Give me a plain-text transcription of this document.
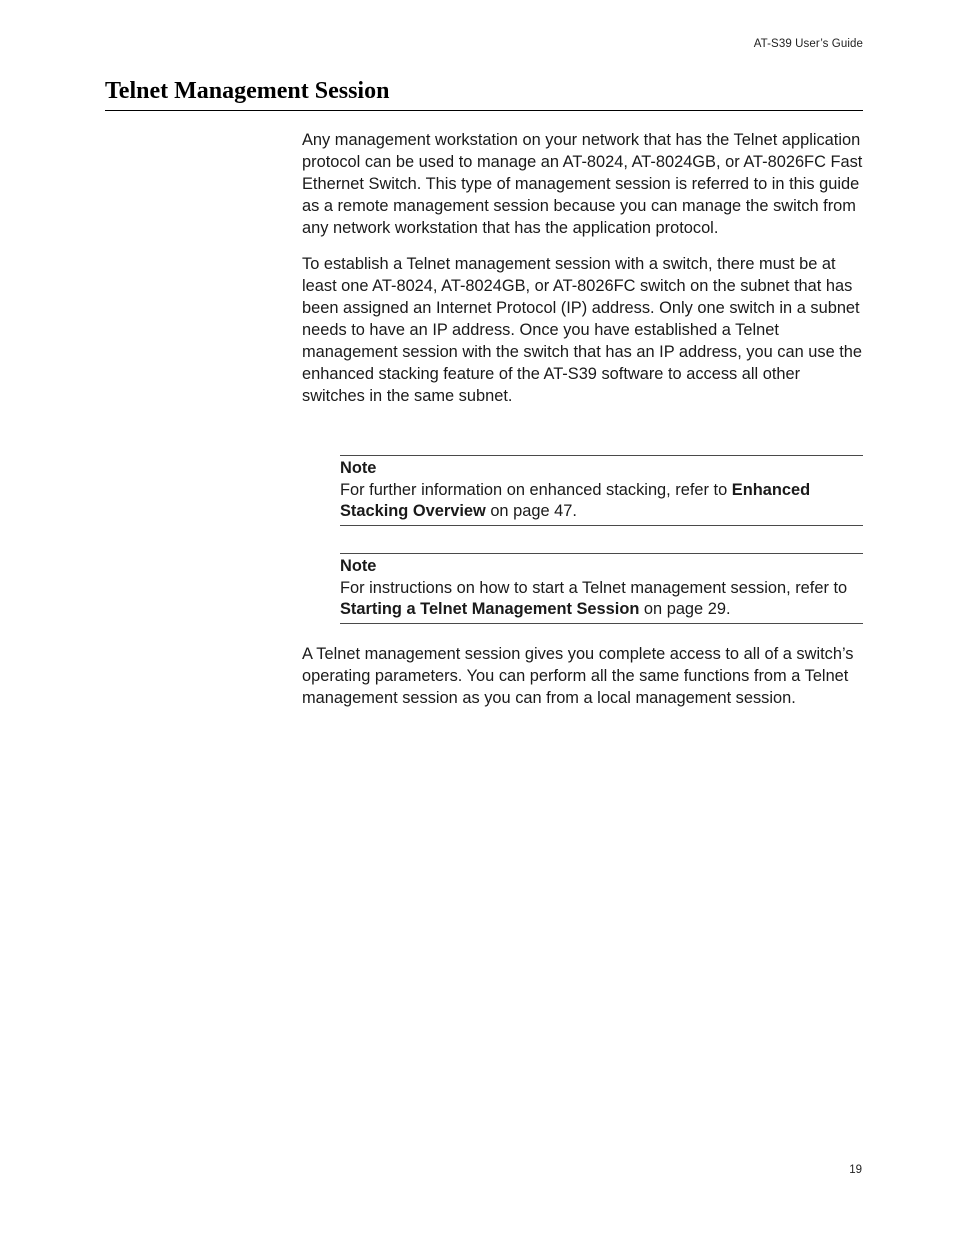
AT-S39 User’s Guide
Telnet Management Session

Any management workstation on your network that has the Telnet application protocol can be used to manage an AT-8024, AT-8024GB, or AT-8026FC Fast Ethernet Switch. This type of management session is referred to in this guide as a remote management session because you can manage the switch from any network workstation that has the application protocol.

To establish a Telnet management session with a switch, there must be at least one AT-8024, AT-8024GB, or AT-8026FC switch on the subnet that has been assigned an Internet Protocol (IP) address. Only one switch in a subnet needs to have an IP address. Once you have established a Telnet management session with the switch that has an IP address, you can use the enhanced stacking feature of the AT-S39 software to access all other switches in the same subnet.

Note

For further information on enhanced stacking, refer to Enhanced Stacking Overview on page 47.

Note

For instructions on how to start a Telnet management session, refer to Starting a Telnet Management Session on page 29.

A Telnet management session gives you complete access to all of a switch’s operating parameters. You can perform all the same functions from a Telnet management session as you can from a local management session.

19
